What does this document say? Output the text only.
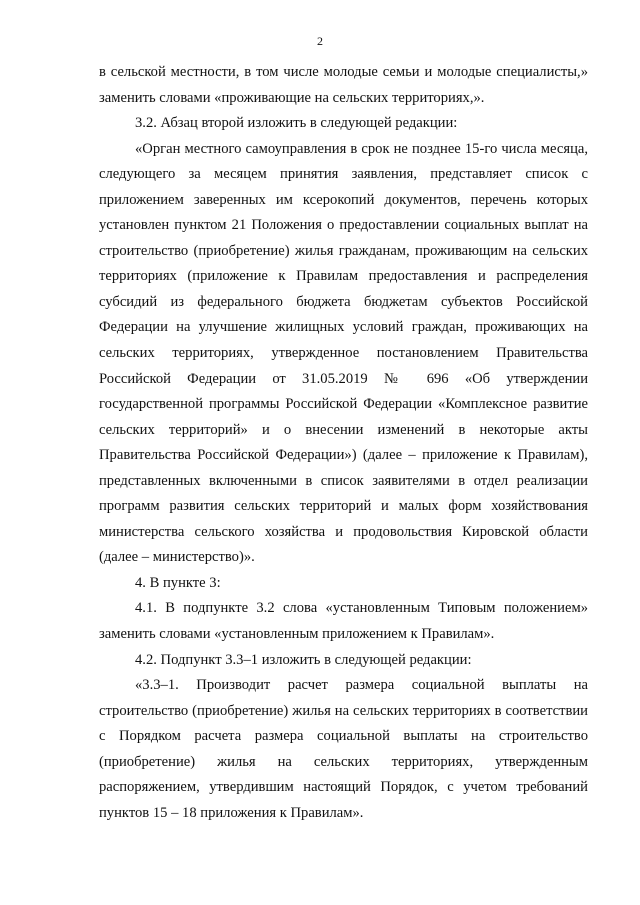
2

в сельской местности, в том числе молодые семьи и молодые специалисты,» заменить словами «проживающие на сельских территориях,».

3.2. Абзац второй изложить в следующей редакции:

«Орган местного самоуправления в срок не позднее 15-го числа месяца, следующего за месяцем принятия заявления, представляет список с приложением заверенных им ксерокопий документов, перечень которых установлен пунктом 21 Положения о предоставлении социальных выплат на строительство (приобретение) жилья гражданам, проживающим на сельских территориях (приложение к Правилам предоставления и распределения субсидий из федерального бюджета бюджетам субъектов Российской Федерации на улучшение жилищных условий граждан, проживающих на сельских территориях, утвержденное постановлением Правительства Российской Федерации от 31.05.2019 № 696 «Об утверждении государственной программы Российской Федерации «Комплексное развитие сельских территорий» и о внесении изменений в некоторые акты Правительства Российской Федерации») (далее – приложение к Правилам), представленных включенными в список заявителями в отдел реализации программ развития сельских территорий и малых форм хозяйствования министерства сельского хозяйства и продовольствия Кировской области (далее – министерство)».

4. В пункте 3:

4.1. В подпункте 3.2 слова «установленным Типовым положением» заменить словами «установленным приложением к Правилам».

4.2. Подпункт 3.3–1 изложить в следующей редакции:

«3.3–1. Производит расчет размера социальной выплаты на строительство (приобретение) жилья на сельских территориях в соответствии с Порядком расчета размера социальной выплаты на строительство (приобретение) жилья на сельских территориях, утвержденным распоряжением, утвердившим настоящий Порядок, с учетом требований пунктов 15 – 18 приложения к Правилам».
